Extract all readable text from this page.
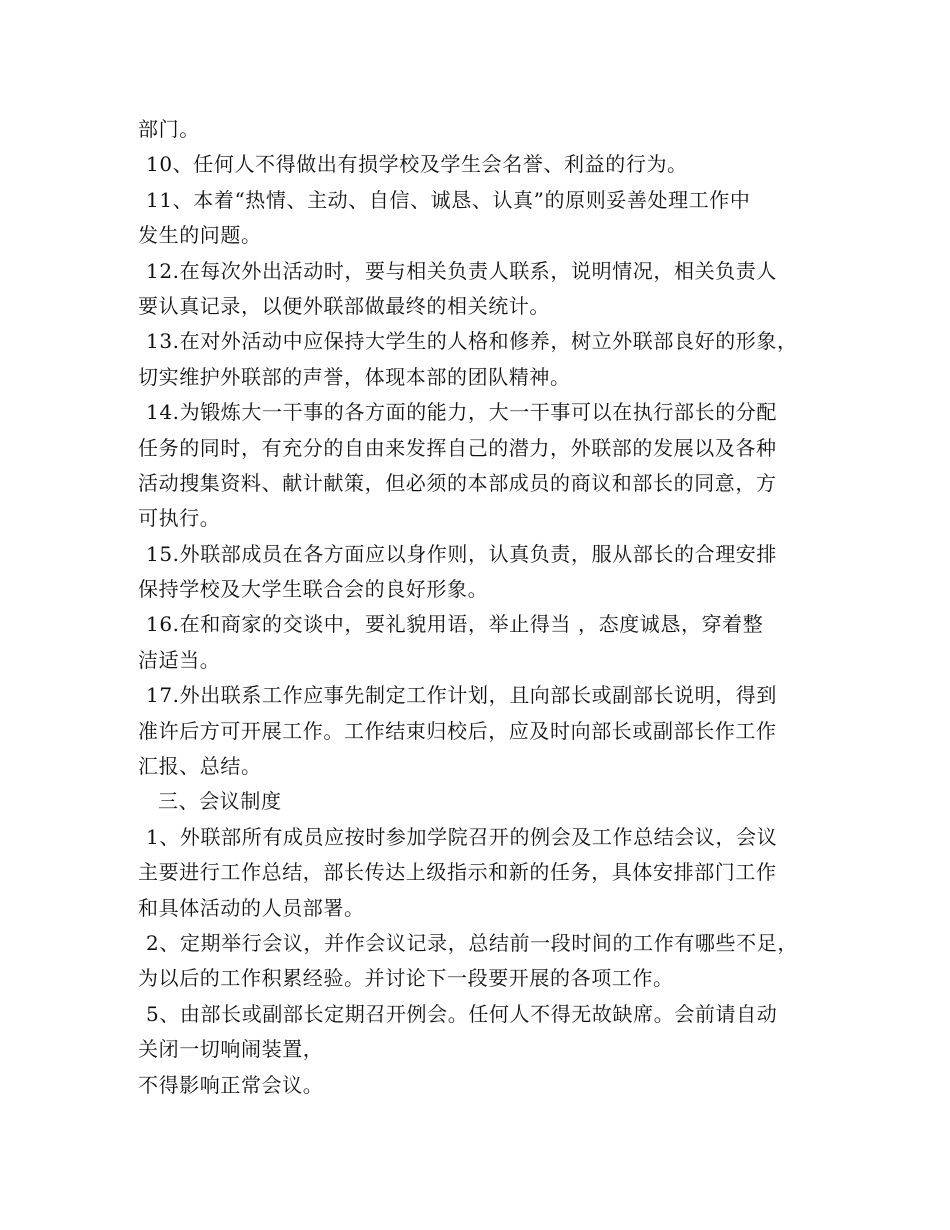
部门。
10、任何人不得做出有损学校及学生会名誉、利益的行为。
11、本着“热情、主动、自信、诚恳、认真”的原则妥善处理工作中
发生的问题。
12.在每次外出活动时，要与相关负责人联系，说明情况，相关负责人
要认真记录，以便外联部做最终的相关统计。
13.在对外活动中应保持大学生的人格和修养，树立外联部良好的形象，
切实维护外联部的声誉，体现本部的团队精神。
14.为锻炼大一干事的各方面的能力，大一干事可以在执行部长的分配
任务的同时，有充分的自由来发挥自己的潜力，外联部的发展以及各种
活动搜集资料、献计献策，但必须的本部成员的商议和部长的同意，方
可执行。
15.外联部成员在各方面应以身作则，认真负责，服从部长的合理安排
保持学校及大学生联合会的良好形象。
16.在和商家的交谈中，要礼貌用语，举止得当 ，态度诚恳，穿着整
洁适当。
17.外出联系工作应事先制定工作计划，且向部长或副部长说明，得到
准许后方可开展工作。工作结束归校后，应及时向部长或副部长作工作
汇报、总结。
三、会议制度
1、外联部所有成员应按时参加学院召开的例会及工作总结会议，会议
主要进行工作总结，部长传达上级指示和新的任务，具体安排部门工作
和具体活动的人员部署。
2、定期举行会议，并作会议记录，总结前一段时间的工作有哪些不足，
为以后的工作积累经验。并讨论下一段要开展的各项工作。
5、由部长或副部长定期召开例会。任何人不得无故缺席。会前请自动
关闭一切响闹装置，
不得影响正常会议。
